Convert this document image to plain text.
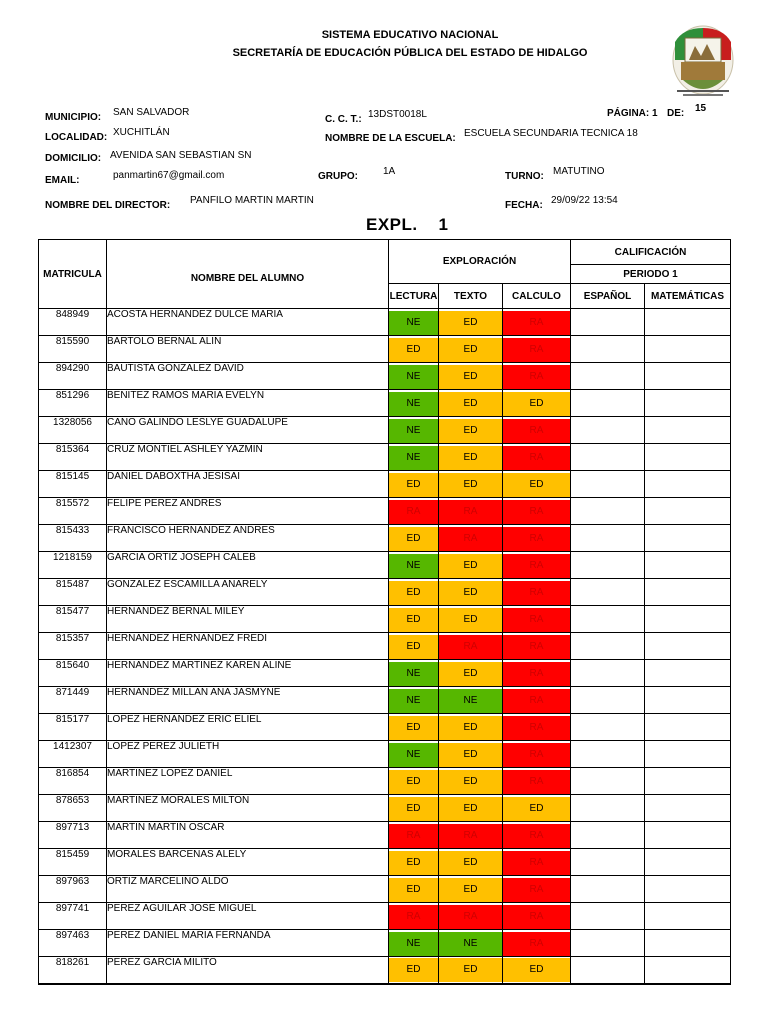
SISTEMA EDUCATIVO NACIONAL
SECRETARÍA DE EDUCACIÓN PÚBLICA DEL ESTADO DE HIDALGO
MUNICIPIO: SAN SALVADOR
LOCALIDAD: XUCHITLÁN
DOMICILIO: AVENIDA SAN SEBASTIAN SN
EMAIL:	panmartin67@gmail.com
NOMBRE DEL DIRECTOR: PANFILO MARTIN MARTIN
C. C. T.: 13DST0018L
NOMBRE DE LA ESCUELA: ESCUELA SECUNDARIA TECNICA 18
GRUPO:	1A	TURNO: MATUTINO
FECHA: 29/09/22 13:54
PÁGINA: 1 DE: 15
EXPL. 1
MATRICULA	NOMBRE DEL ALUMNO	EXPLORACIÓN			CALIFICACIÓN	
					PERIODO 1	
		LECTURA	TEXTO	CALCULO	ESPAÑOL	MATEMÁTICAS
848949	ACOSTA HERNANDEZ DULCE MARIA	NE	ED	RA		

815590	BARTOLO BERNAL ALIN	ED	ED	RA		

894290	BAUTISTA GONZALEZ DAVID	NE	ED	RA		

851296	BENITEZ RAMOS MARIA EVELYN	NE	ED	ED		

1328056	CANO GALINDO LESLYE GUADALUPE	NE	ED	RA		

815364	CRUZ MONTIEL ASHLEY YAZMIN	NE	ED	RA		

815145	DANIEL DABOXTHA JESISAI	ED	ED	ED		

815572	FELIPE PEREZ ANDRES	RA	RA	RA		

815433	FRANCISCO HERNANDEZ ANDRES	ED	RA	RA		

1218159	GARCIA ORTIZ JOSEPH CALEB	NE	ED	RA		

815487	GONZALEZ ESCAMILLA ANARELY	ED	ED	RA		

815477	HERNANDEZ BERNAL MILEY	ED	ED	RA		

815357	HERNANDEZ HERNANDEZ FREDI	ED	RA	RA		

815640	HERNANDEZ MARTINEZ KAREN ALINE	NE	ED	RA		

871449	HERNANDEZ MILLAN ANA JASMYNE	NE	NE	RA		

815177	LOPEZ HERNANDEZ ERIC ELIEL	ED	ED	RA		

1412307	LOPEZ PEREZ JULIETH	NE	ED	RA		

816854	MARTINEZ LOPEZ DANIEL	ED	ED	RA		

878653	MARTINEZ MORALES MILTON	ED	ED	ED		

897713	MARTIN MARTIN OSCAR	RA	RA	RA		

815459	MORALES BARCENAS ALELY	ED	ED	RA		

897963	ORTIZ MARCELINO ALDO	ED	ED	RA		

897741	PEREZ AGUILAR JOSE MIGUEL	RA	RA	RA		

897463	PEREZ DANIEL MARIA FERNANDA	NE	NE	RA		

818261	PEREZ GARCIA MILITO	ED	ED	ED		
